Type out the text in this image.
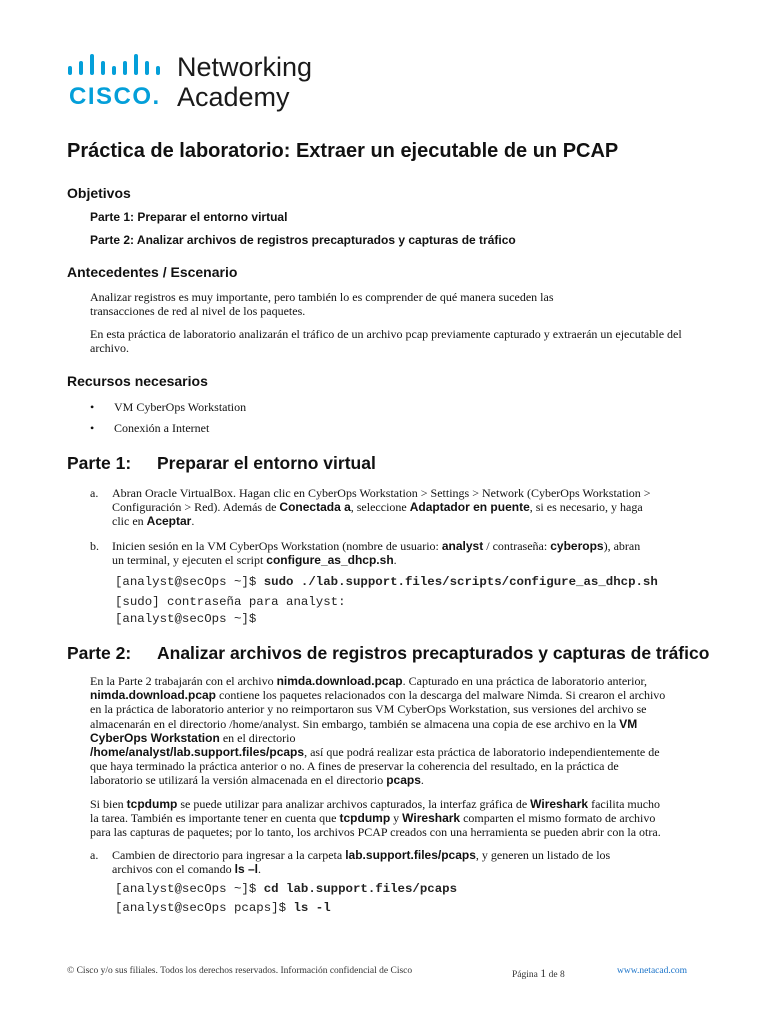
CISCO.
Networking
Academy
Práctica de laboratorio: Extraer un ejecutable de un PCAP
Objetivos
Parte 1: Preparar el entorno virtual
Parte 2: Analizar archivos de registros precapturados y capturas de tráfico
Antecedentes / Escenario
Analizar registros es muy importante, pero también lo es comprender de qué manera suceden las
transacciones de red al nivel de los paquetes.
En esta práctica de laboratorio analizarán el tráfico de un archivo pcap previamente capturado y extraerán un ejecutable del
archivo.
Recursos necesarios
• VM CyberOps Workstation
• Conexión a Internet
Parte 1: Preparar el entorno virtual
a. Abran Oracle VirtualBox. Hagan clic en CyberOps Workstation > Settings > Network (CyberOps Workstation >
Configuración > Red). Además de Conectada a, seleccione Adaptador en puente, si es necesario, y haga
clic en Aceptar.
b. Inicien sesión en la VM CyberOps Workstation (nombre de usuario: analyst / contraseña: cyberops), abran
un terminal, y ejecuten el script configure_as_dhcp.sh.
[analyst@secOps ~]$ sudo ./lab.support.files/scripts/configure_as_dhcp.sh
[sudo] contraseña para analyst:
[analyst@secOps ~]$
Parte 2: Analizar archivos de registros precapturados y capturas de tráfico
En la Parte 2 trabajarán con el archivo nimda.download.pcap. Capturado en una práctica de laboratorio anterior,
nimda.download.pcap contiene los paquetes relacionados con la descarga del malware Nimda. Si crearon el archivo
en la práctica de laboratorio anterior y no reimportaron sus VM CyberOps Workstation, sus versiones del archivo se
almacenarán en el directorio /home/analyst. Sin embargo, también se almacena una copia de ese archivo en la VM
CyberOps Workstation en el directorio
/home/analyst/lab.support.files/pcaps, así que podrá realizar esta práctica de laboratorio independientemente de
que haya terminado la práctica anterior o no. A fines de preservar la coherencia del resultado, en la práctica de
laboratorio se utilizará la versión almacenada en el directorio pcaps.
Si bien tcpdump se puede utilizar para analizar archivos capturados, la interfaz gráfica de Wireshark facilita mucho
la tarea. También es importante tener en cuenta que tcpdump y Wireshark comparten el mismo formato de archivo
para las capturas de paquetes; por lo tanto, los archivos PCAP creados con una herramienta se pueden abrir con la otra.
a. Cambien de directorio para ingresar a la carpeta lab.support.files/pcaps, y generen un listado de los
archivos con el comando ls –l.
[analyst@secOps ~]$ cd lab.support.files/pcaps
[analyst@secOps pcaps]$ ls -l
© Cisco y/o sus filiales. Todos los derechos reservados. Información confidencial de Cisco	Página 1 de 8	www.netacad.com
